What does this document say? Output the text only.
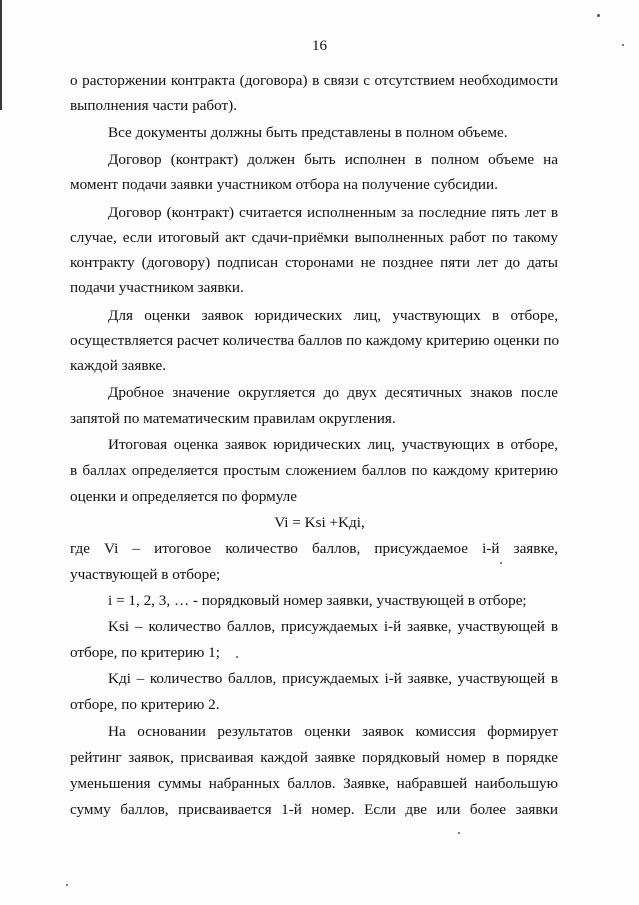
16
о расторжении контракта (договора) в связи с отсутствием необходимости
выполнения части работ).
Все документы должны быть представлены в полном объеме.
Договор (контракт) должен быть исполнен в полном объеме на
момент подачи заявки участником отбора на получение субсидии.
Договор (контракт) считается исполненным за последние пять лет в
случае, если итоговый акт сдачи-приёмки выполненных работ по такому
контракту (договору) подписан сторонами не позднее пяти лет до даты
подачи участником заявки.
Для оценки заявок юридических лиц, участвующих в отборе,
осуществляется расчет количества баллов по каждому критерию оценки по
каждой заявке.
Дробное значение округляется до двух десятичных знаков после
запятой по математическим правилам округления.
Итоговая оценка заявок юридических лиц, участвующих в отборе,
в баллах определяется простым сложением баллов по каждому критерию
оценки и определяется по формуле
Vi = Ksi +Kдi,
где Vi – итоговое количество баллов, присуждаемое i-й заявке,
участвующей в отборе;
i = 1, 2, 3, … - порядковый номер заявки, участвующей в отборе;
Ksi – количество баллов, присуждаемых i-й заявке, участвующей в
отборе, по критерию 1;
Kдi – количество баллов, присуждаемых i-й заявке, участвующей в
отборе, по критерию 2.
На основании результатов оценки заявок комиссия формирует
рейтинг заявок, присваивая каждой заявке порядковый номер в порядке
уменьшения суммы набранных баллов. Заявке, набравшей наибольшую
сумму баллов, присваивается 1-й номер. Если две или более заявки
